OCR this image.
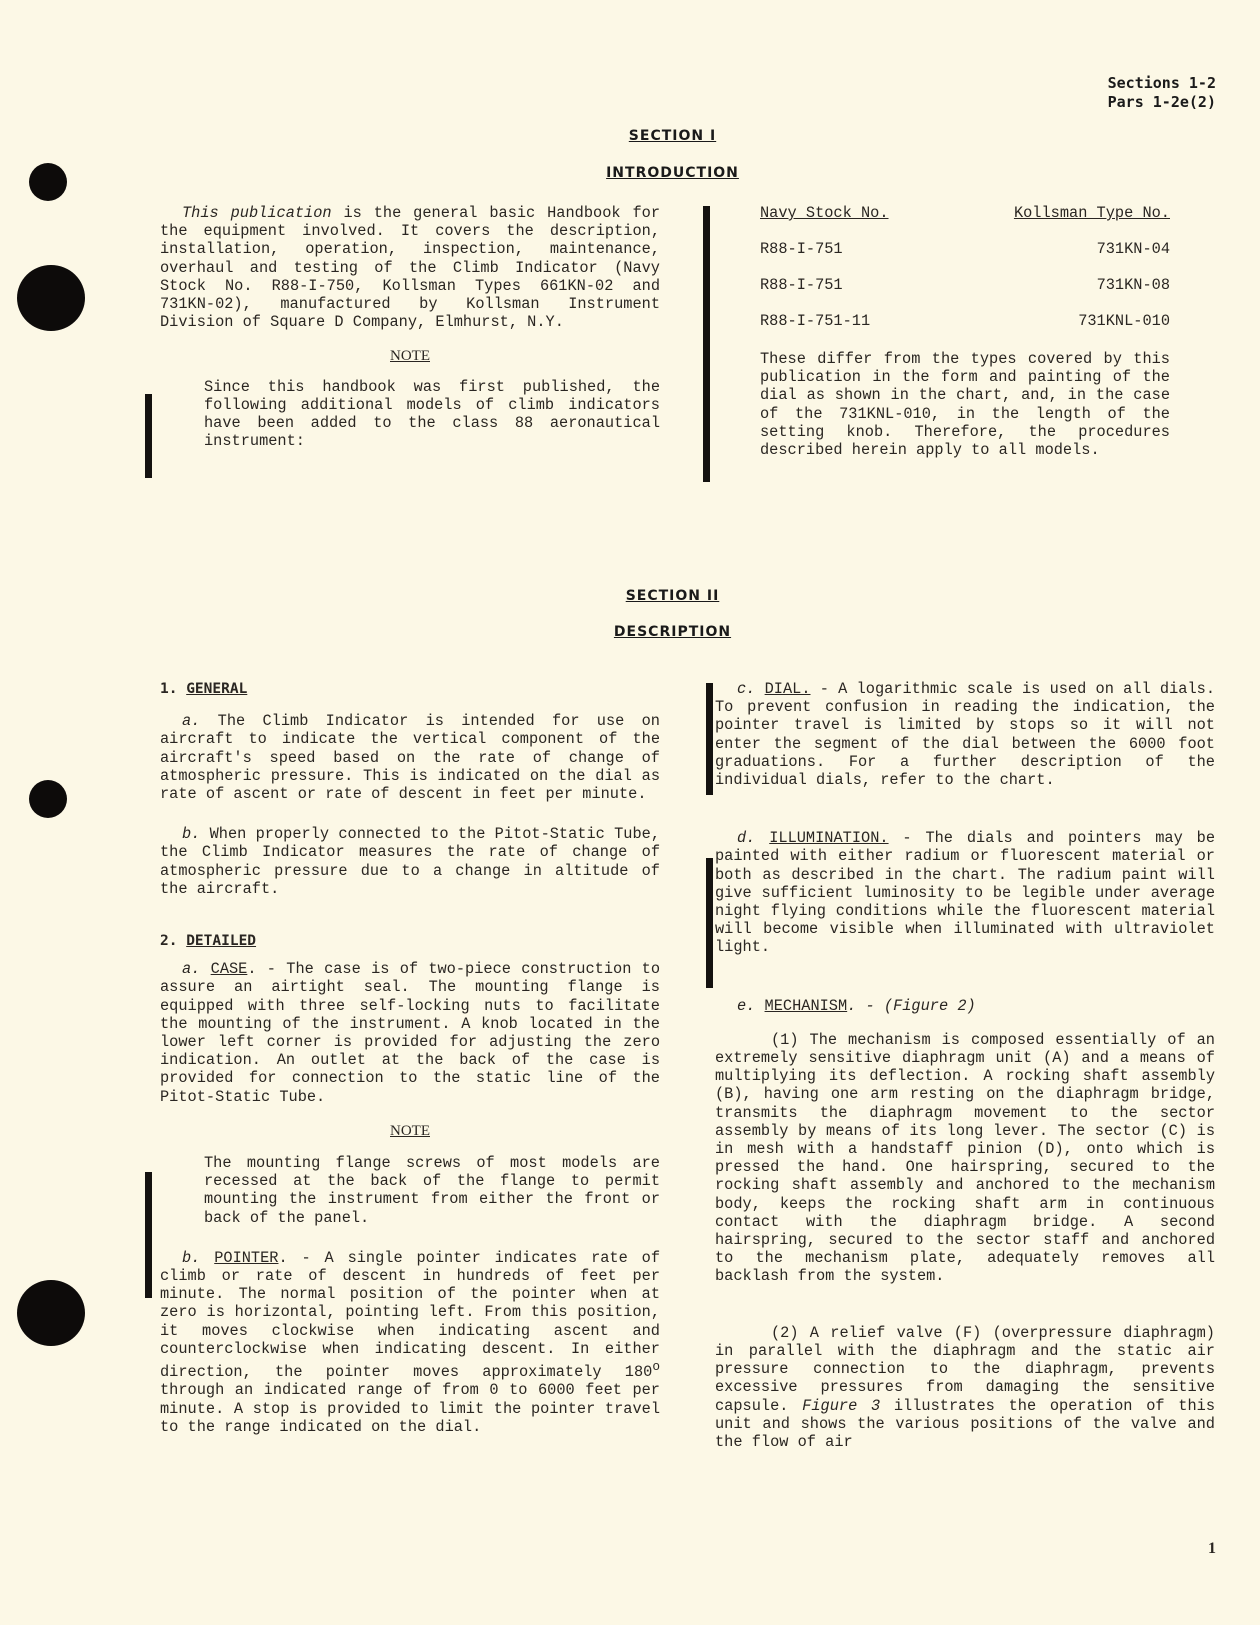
Sections 1-2
Pars 1-2e(2)
SECTION I
INTRODUCTION

This publication is the general basic Handbook for the equipment involved. It covers the description, installation, operation, inspection, maintenance, overhaul and testing of the Climb Indicator (Navy Stock No. R88-I-750, Kollsman Types 661KN-02 and 731KN-02), manufactured by Kollsman Instrument Division of Square D Company, Elmhurst, N.Y.

NOTE

Since this handbook was first published, the following additional models of climb indicators have been added to the class 88 aeronautical instrument:

Navy Stock No.	Kollsman Type No.
R88-I-751	731KN-04
R88-I-751	731KN-08
R88-I-751-11	731KNL-010

These differ from the types covered by this publication in the form and painting of the dial as shown in the chart, and, in the case of the 731KNL-010, in the length of the setting knob. Therefore, the procedures described herein apply to all models.

SECTION II
DESCRIPTION

1. GENERAL

a. The Climb Indicator is intended for use on aircraft to indicate the vertical component of the aircraft's speed based on the rate of change of atmospheric pressure. This is indicated on the dial as rate of ascent or rate of descent in feet per minute.

b. When properly connected to the Pitot-Static Tube, the Climb Indicator measures the rate of change of atmospheric pressure due to a change in altitude of the aircraft.

2. DETAILED

a. CASE. - The case is of two-piece construction to assure an airtight seal. The mounting flange is equipped with three self-locking nuts to facilitate the mounting of the instrument. A knob located in the lower left corner is provided for adjusting the zero indication. An outlet at the back of the case is provided for connection to the static line of the Pitot-Static Tube.

NOTE

The mounting flange screws of most models are recessed at the back of the flange to permit mounting the instrument from either the front or back of the panel.

b. POINTER. - A single pointer indicates rate of climb or rate of descent in hundreds of feet per minute. The normal position of the pointer when at zero is horizontal, pointing left. From this position, it moves clockwise when indicating ascent and counterclockwise when indicating descent. In either direction, the pointer moves approximately 180$^o$ through an indicated range of from 0 to 6000 feet per minute. A stop is provided to limit the pointer travel to the range indicated on the dial.

c. DIAL. - A logarithmic scale is used on all dials. To prevent confusion in reading the indication, the pointer travel is limited by stops so it will not enter the segment of the dial between the 6000 foot graduations. For a further description of the individual dials, refer to the chart.

d. ILLUMINATION. - The dials and pointers may be painted with either radium or fluorescent material or both as described in the chart. The radium paint will give sufficient luminosity to be legible under average night flying conditions while the fluorescent material will become visible when illuminated with ultraviolet light.

e. MECHANISM. - (Figure 2)

(1) The mechanism is composed essentially of an extremely sensitive diaphragm unit (A) and a means of multiplying its deflection. A rocking shaft assembly (B), having one arm resting on the diaphragm bridge, transmits the diaphragm movement to the sector assembly by means of its long lever. The sector (C) is in mesh with a handstaff pinion (D), onto which is pressed the hand. One hairspring, secured to the rocking shaft assembly and anchored to the mechanism body, keeps the rocking shaft arm in continuous contact with the diaphragm bridge. A second hairspring, secured to the sector staff and anchored to the mechanism plate, adequately removes all backlash from the system.

(2) A relief valve (F) (overpressure diaphragm) in parallel with the diaphragm and the static air pressure connection to the diaphragm, prevents excessive pressures from damaging the sensitive capsule. Figure 3 illustrates the operation of this unit and shows the various positions of the valve and the flow of air

1
